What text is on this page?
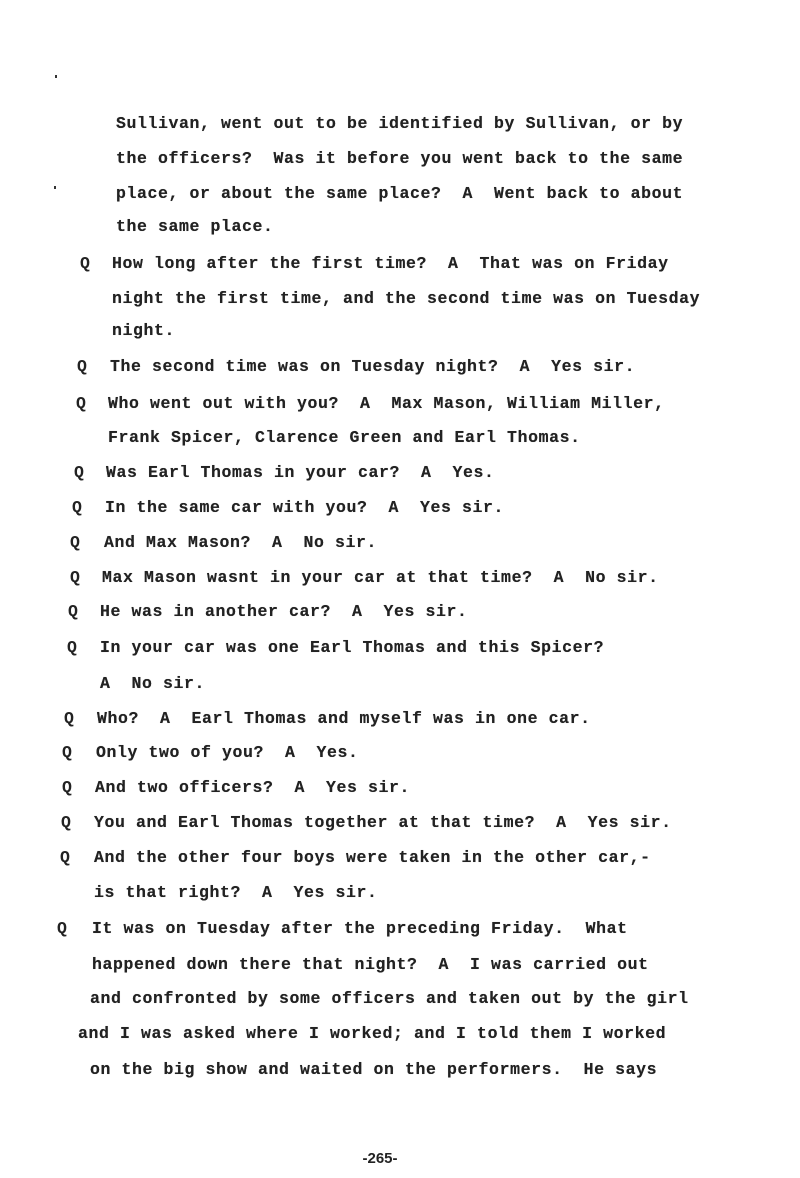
Sullivan, went out to be identified by Sullivan, or by
the officers?  Was it before you went back to the same
place, or about the same place?  A  Went back to about
the same place.
Q How long after the first time?  A  That was on Friday
night the first time, and the second time was on Tuesday
night.
Q The second time was on Tuesday night?  A  Yes sir.
Q Who went out with you?  A  Max Mason, William Miller,
Frank Spicer, Clarence Green and Earl Thomas.
Q Was Earl Thomas in your car?  A  Yes.
Q In the same car with you?  A  Yes sir.
Q And Max Mason?  A  No sir.
Q Max Mason wasnt in your car at that time?  A  No sir.
Q He was in another car?  A  Yes sir.
Q In your car was one Earl Thomas and this Spicer?
A  No sir.
Q Who?  A  Earl Thomas and myself was in one car.
Q Only two of you?  A  Yes.
Q And two officers?  A  Yes sir.
Q You and Earl Thomas together at that time?  A  Yes sir.
Q And the other four boys were taken in the other car,-
is that right?  A  Yes sir.
Q It was on Tuesday after the preceding Friday.  What
happened down there that night?  A  I was carried out
and confronted by some officers and taken out by the girl
and I was asked where I worked; and I told them I worked
on the big show and waited on the performers.  He says
-265-
